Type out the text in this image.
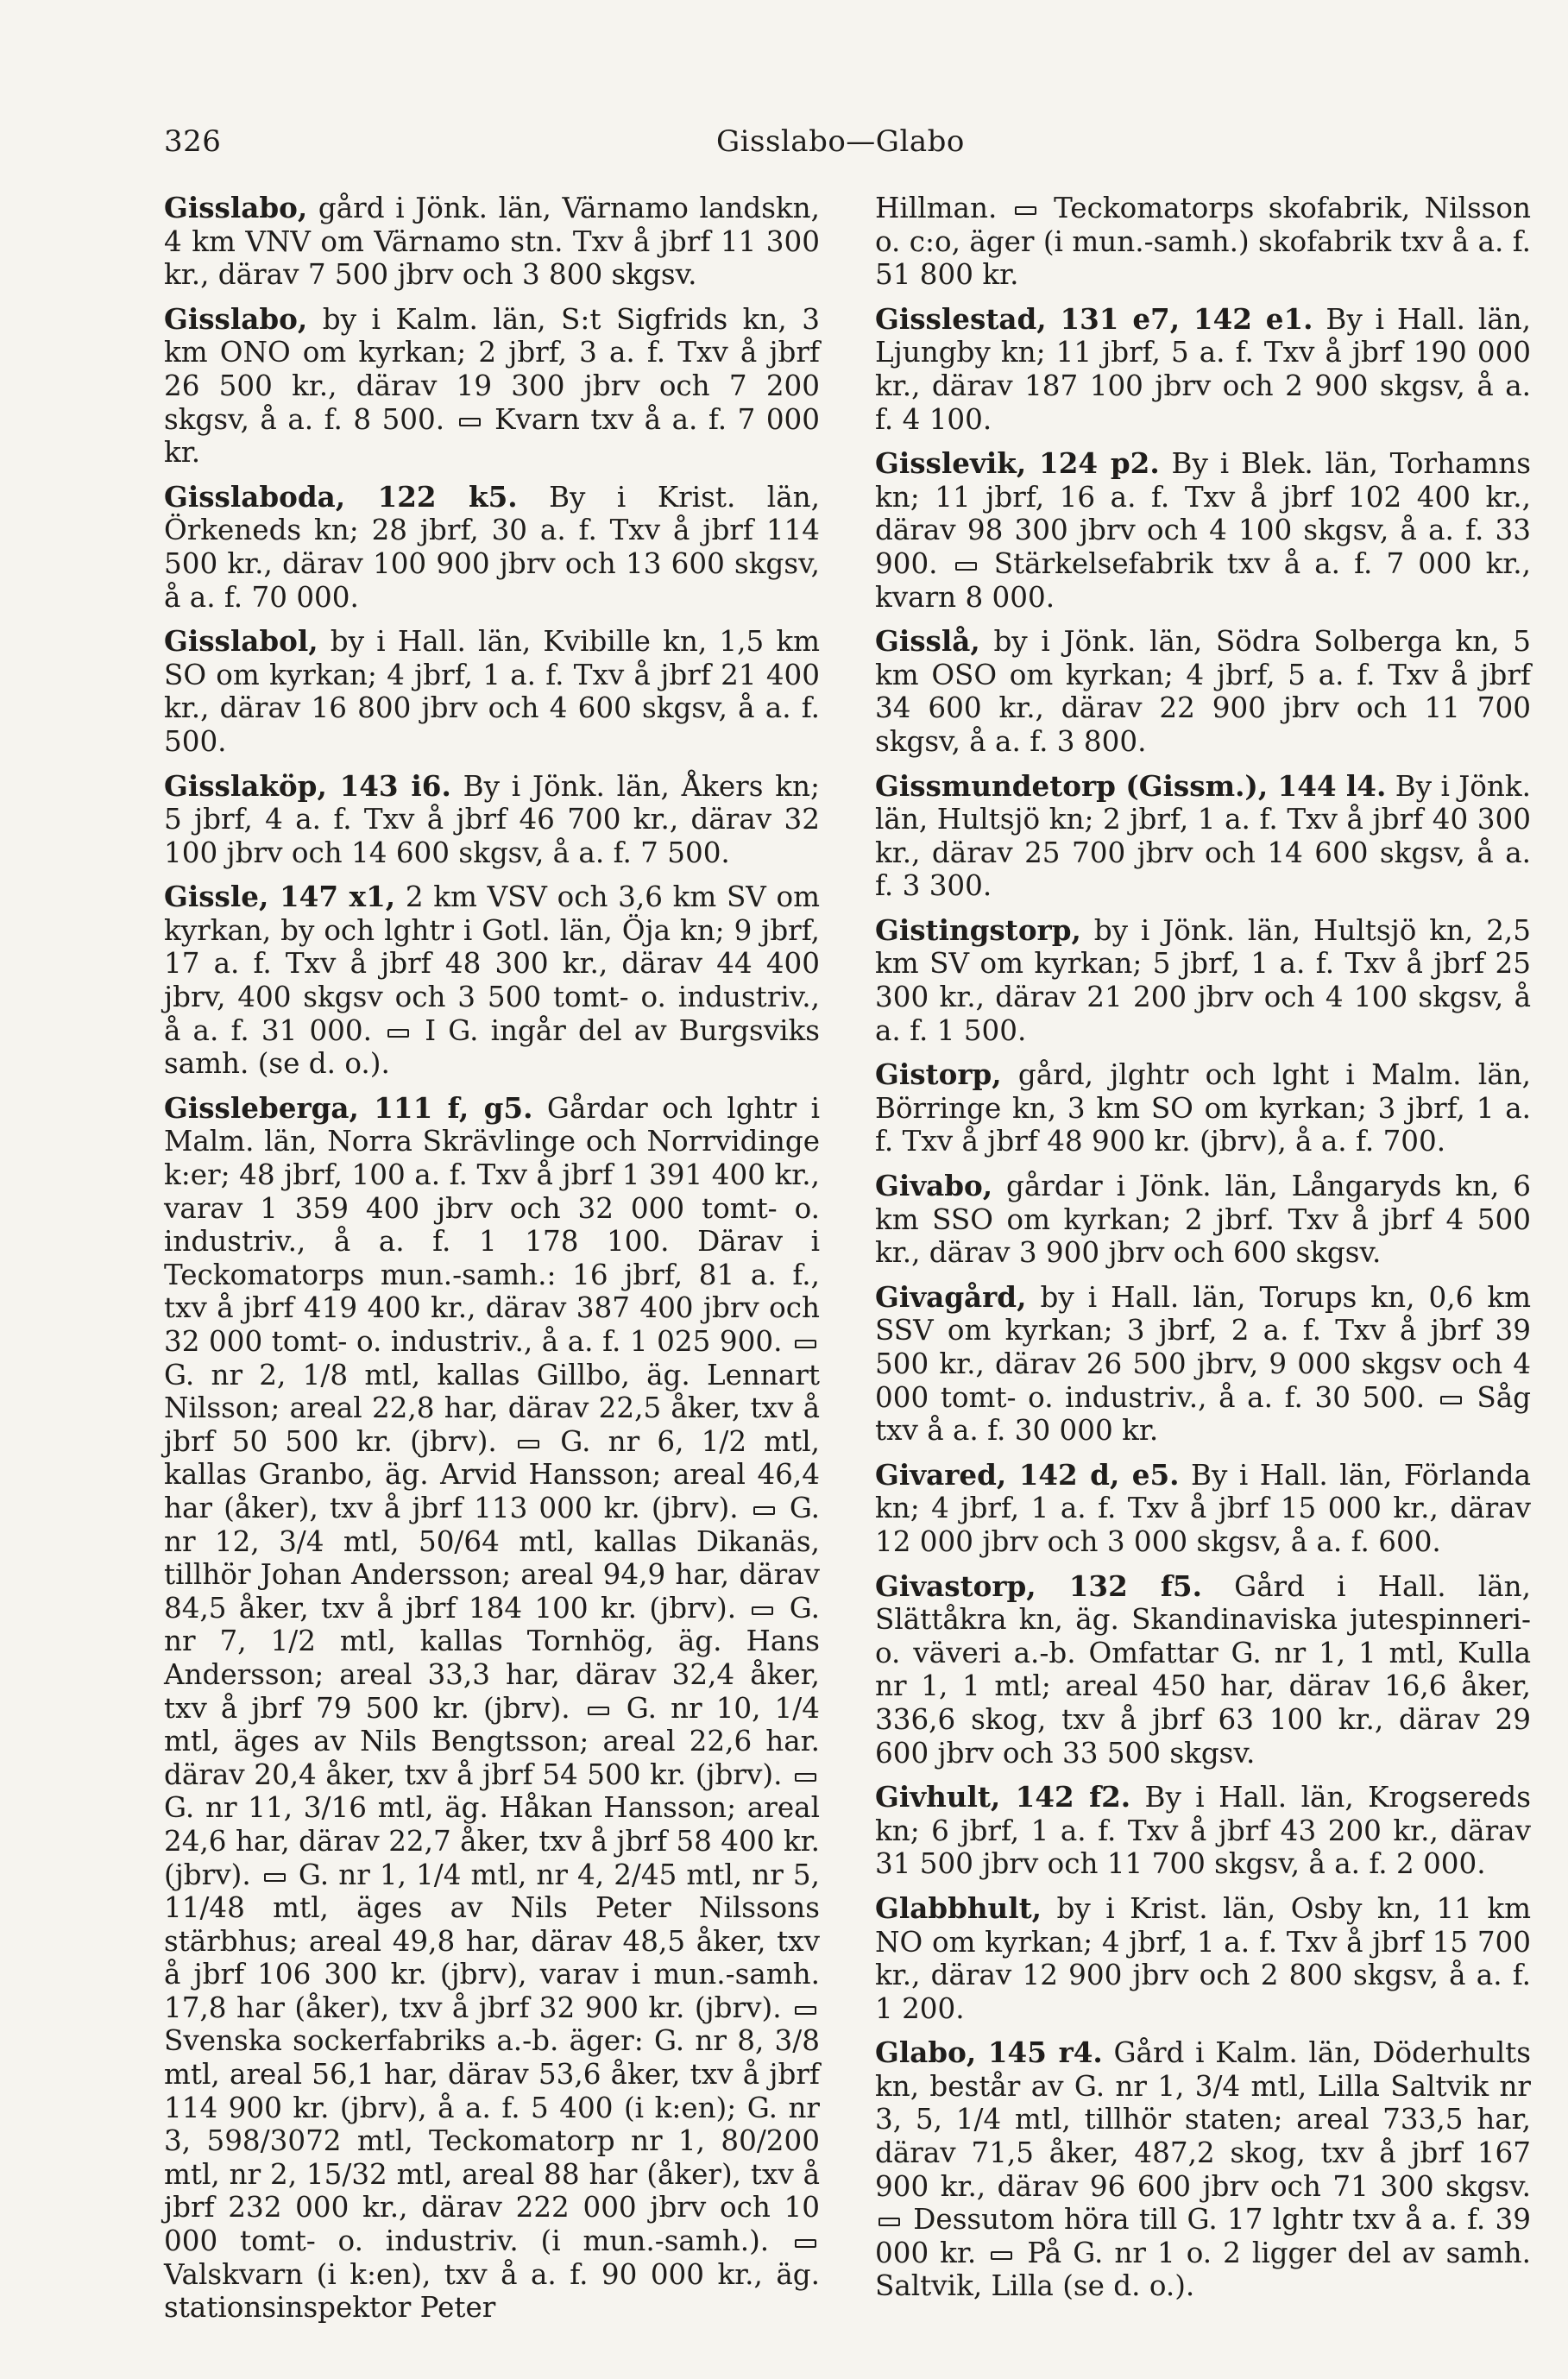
326	Gisslabo—Glabo

Gisslabo, gård i Jönk. län, Värnamo landskn, 4 km VNV om Värnamo stn. Txv å jbrf 11 300 kr., därav 7 500 jbrv och 3 800 skgsv.

Gisslabo, by i Kalm. län, S:t Sigfrids kn, 3 km ONO om kyrkan; 2 jbrf, 3 a. f. Txv å jbrf 26 500 kr., därav 19 300 jbrv och 7 200 skgsv, å a. f. 8 500. Kvarn txv å a. f. 7 000 kr.

Gisslaboda, 122 k5. By i Krist. län, Örkeneds kn; 28 jbrf, 30 a. f. Txv å jbrf 114 500 kr., därav 100 900 jbrv och 13 600 skgsv, å a. f. 70 000.

Gisslabol, by i Hall. län, Kvibille kn, 1,5 km SO om kyrkan; 4 jbrf, 1 a. f. Txv å jbrf 21 400 kr., därav 16 800 jbrv och 4 600 skgsv, å a. f. 500.

Gisslaköp, 143 i6. By i Jönk. län, Åkers kn; 5 jbrf, 4 a. f. Txv å jbrf 46 700 kr., därav 32 100 jbrv och 14 600 skgsv, å a. f. 7 500.

Gissle, 147 x1, 2 km VSV och 3,6 km SV om kyrkan, by och lghtr i Gotl. län, Öja kn; 9 jbrf, 17 a. f. Txv å jbrf 48 300 kr., därav 44 400 jbrv, 400 skgsv och 3 500 tomt- o. industriv., å a. f. 31 000. I G. ingår del av Burgsviks samh. (se d. o.).

Gissleberga, 111 f, g5. Gårdar och lghtr i Malm. län, Norra Skrävlinge och Norrvidinge k:er; 48 jbrf, 100 a. f. Txv å jbrf 1 391 400 kr., varav 1 359 400 jbrv och 32 000 tomt- o. industriv., å a. f. 1 178 100. Därav i Teckomatorps mun.-samh.: 16 jbrf, 81 a. f., txv å jbrf 419 400 kr., därav 387 400 jbrv och 32 000 tomt- o. industriv., å a. f. 1 025 900.  G. nr 2, 1/8 mtl, kallas Gillbo, äg. Lennart Nilsson; areal 22,8 har, därav 22,5 åker, txv å jbrf 50 500 kr. (jbrv). G. nr 6, 1/2 mtl, kallas Granbo, äg. Arvid Hansson; areal 46,4 har (åker), txv å jbrf 113 000 kr. (jbrv). G. nr 12, 3/4 mtl, 50/64 mtl, kallas Dikanäs, tillhör Johan Andersson; areal 94,9 har, därav 84,5 åker, txv å jbrf 184 100 kr. (jbrv). G. nr 7, 1/2 mtl, kallas Tornhög, äg. Hans Andersson; areal 33,3 har, därav 32,4 åker, txv å jbrf 79 500 kr. (jbrv). G. nr 10, 1/4 mtl, äges av Nils Bengtsson; areal 22,6 har. därav 20,4 åker, txv å jbrf 54 500 kr. (jbrv).  G. nr 11, 3/16 mtl, äg. Håkan Hansson; areal 24,6 har, därav 22,7 åker, txv å jbrf 58 400 kr. (jbrv). G. nr 1, 1/4 mtl, nr 4, 2/45 mtl, nr 5, 11/48 mtl, äges av Nils Peter Nilssons stärbhus; areal 49,8 har, därav 48,5 åker, txv å jbrf 106 300 kr. (jbrv), varav i mun.-samh. 17,8 har (åker), txv å jbrf 32 900 kr. (jbrv).  Svenska sockerfabriks a.-b. äger: G. nr 8, 3/8 mtl, areal 56,1 har, därav 53,6 åker, txv å jbrf 114 900 kr. (jbrv), å a. f. 5 400 (i k:en); G. nr 3, 598/3072 mtl, Teckomatorp nr 1, 80/200 mtl, nr 2, 15/32 mtl, areal 88 har (åker), txv å jbrf 232 000 kr., därav 222 000 jbrv och 10 000 tomt- o. industriv. (i mun.-samh.).  Valskvarn (i k:en), txv å a. f. 90 000 kr., äg. stationsinspektor Peter

Hillman. Teckomatorps skofabrik, Nilsson o. c:o, äger (i mun.-samh.) skofabrik txv å a. f. 51 800 kr.

Gisslestad, 131 e7, 142 e1. By i Hall. län, Ljungby kn; 11 jbrf, 5 a. f. Txv å jbrf 190 000 kr., därav 187 100 jbrv och 2 900 skgsv, å a. f. 4 100.

Gisslevik, 124 p2. By i Blek. län, Torhamns kn; 11 jbrf, 16 a. f. Txv å jbrf 102 400 kr., därav 98 300 jbrv och 4 100 skgsv, å a. f. 33 900. Stärkelsefabrik txv å a. f. 7 000 kr., kvarn 8 000.

Gisslå, by i Jönk. län, Södra Solberga kn, 5 km OSO om kyrkan; 4 jbrf, 5 a. f. Txv å jbrf 34 600 kr., därav 22 900 jbrv och 11 700 skgsv, å a. f. 3 800.

Gissmundetorp (Gissm.), 144 l4. By i Jönk. län, Hultsjö kn; 2 jbrf, 1 a. f. Txv å jbrf 40 300 kr., därav 25 700 jbrv och 14 600 skgsv, å a. f. 3 300.

Gistingstorp, by i Jönk. län, Hultsjö kn, 2,5 km SV om kyrkan; 5 jbrf, 1 a. f. Txv å jbrf 25 300 kr., därav 21 200 jbrv och 4 100 skgsv, å a. f. 1 500.

Gistorp, gård, jlghtr och lght i Malm. län, Börringe kn, 3 km SO om kyrkan; 3 jbrf, 1 a. f. Txv å jbrf 48 900 kr. (jbrv), å a. f. 700.

Givabo, gårdar i Jönk. län, Långaryds kn, 6 km SSO om kyrkan; 2 jbrf. Txv å jbrf 4 500 kr., därav 3 900 jbrv och 600 skgsv.

Givagård, by i Hall. län, Torups kn, 0,6 km SSV om kyrkan; 3 jbrf, 2 a. f. Txv å jbrf 39 500 kr., därav 26 500 jbrv, 9 000 skgsv och 4 000 tomt- o. industriv., å a. f. 30 500. Såg txv å a. f. 30 000 kr.

Givared, 142 d, e5. By i Hall. län, Förlanda kn; 4 jbrf, 1 a. f. Txv å jbrf 15 000 kr., därav 12 000 jbrv och 3 000 skgsv, å a. f. 600.

Givastorp, 132 f5. Gård i Hall. län, Slättåkra kn, äg. Skandinaviska jutespinneri- o. väveri a.-b. Omfattar G. nr 1, 1 mtl, Kulla nr 1, 1 mtl; areal 450 har, därav 16,6 åker, 336,6 skog, txv å jbrf 63 100 kr., därav 29 600 jbrv och 33 500 skgsv.

Givhult, 142 f2. By i Hall. län, Krogsereds kn; 6 jbrf, 1 a. f. Txv å jbrf 43 200 kr., därav 31 500 jbrv och 11 700 skgsv, å a. f. 2 000.

Glabbhult, by i Krist. län, Osby kn, 11 km NO om kyrkan; 4 jbrf, 1 a. f. Txv å jbrf 15 700 kr., därav 12 900 jbrv och 2 800 skgsv, å a. f. 1 200.

Glabo, 145 r4. Gård i Kalm. län, Döderhults kn, består av G. nr 1, 3/4 mtl, Lilla Saltvik nr 3, 5, 1/4 mtl, tillhör staten; areal 733,5 har, därav 71,5 åker, 487,2 skog, txv å jbrf 167 900 kr., därav 96 600 jbrv och 71 300 skgsv.  Dessutom höra till G. 17 lghtr txv å a. f. 39 000 kr. På G. nr 1 o. 2 ligger del av samh. Saltvik, Lilla (se d. o.).
